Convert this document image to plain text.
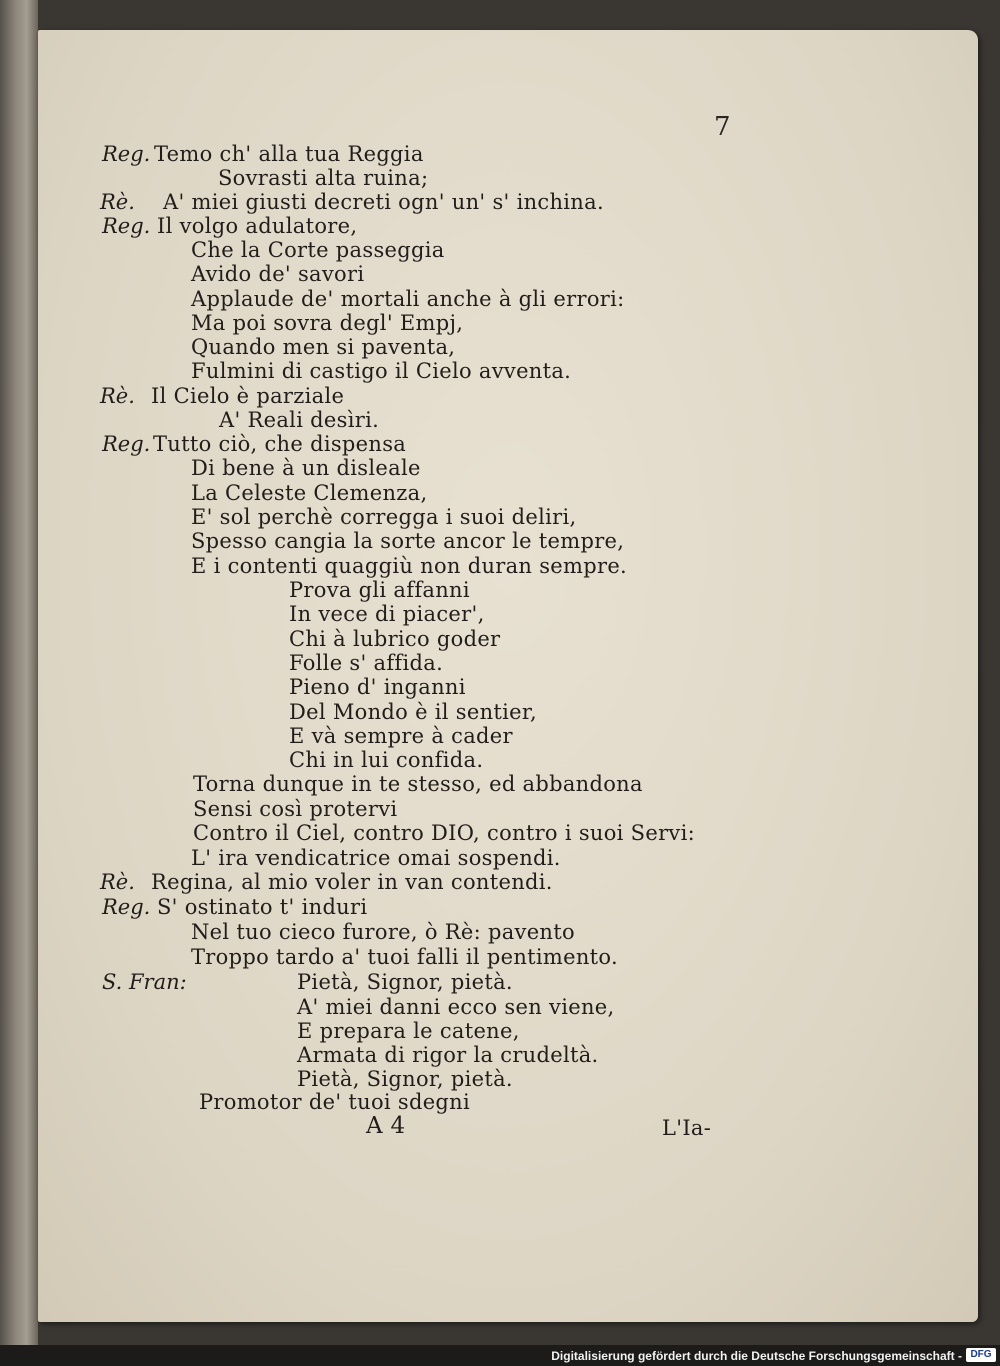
7
Reg. Temo ch' alla tua Reggia
Sovrasti alta ruina;
Rè. A' miei giusti decreti ogn' un' s' inchina.
Reg. Il volgo adulatore,
Che la Corte passeggia
Avido de' savori
Applaude de' mortali anche à gli errori:
Ma poi sovra degl' Empj,
Quando men si paventa,
Fulmini di castigo il Cielo avventa.
Rè. Il Cielo è parziale
A' Reali desìri.
Reg. Tutto ciò, che dispensa
Di bene à un disleale
La Celeste Clemenza,
E' sol perchè corregga i suoi deliri,
Spesso cangia la sorte ancor le tempre,
E i contenti quaggiù non duran sempre.
Prova gli affanni
In vece di piacer',
Chi à lubrico goder
Folle s' affida.
Pieno d' inganni
Del Mondo è il sentier,
E và sempre à cader
Chi in lui confida.
Torna dunque in te stesso, ed abbandona
Sensi così protervi
Contro il Ciel, contro DIO, contro i suoi Servi:
L' ira vendicatrice omai sospendi.
Rè. Regina, al mio voler in van contendi.
Reg. S' ostinato t' induri
Nel tuo cieco furore, ò Rè: pavento
Troppo tardo a' tuoi falli il pentimento.
S. Fran:	Pietà, Signor, pietà.
A' miei danni ecco sen viene,
E prepara le catene,
Armata di rigor la crudeltà.
Pietà, Signor, pietà.
Promotor de' tuoi sdegni
A 4	L'Ia-
Digitalisierung gefördert durch die Deutsche Forschungsgemeinschaft - DFG
